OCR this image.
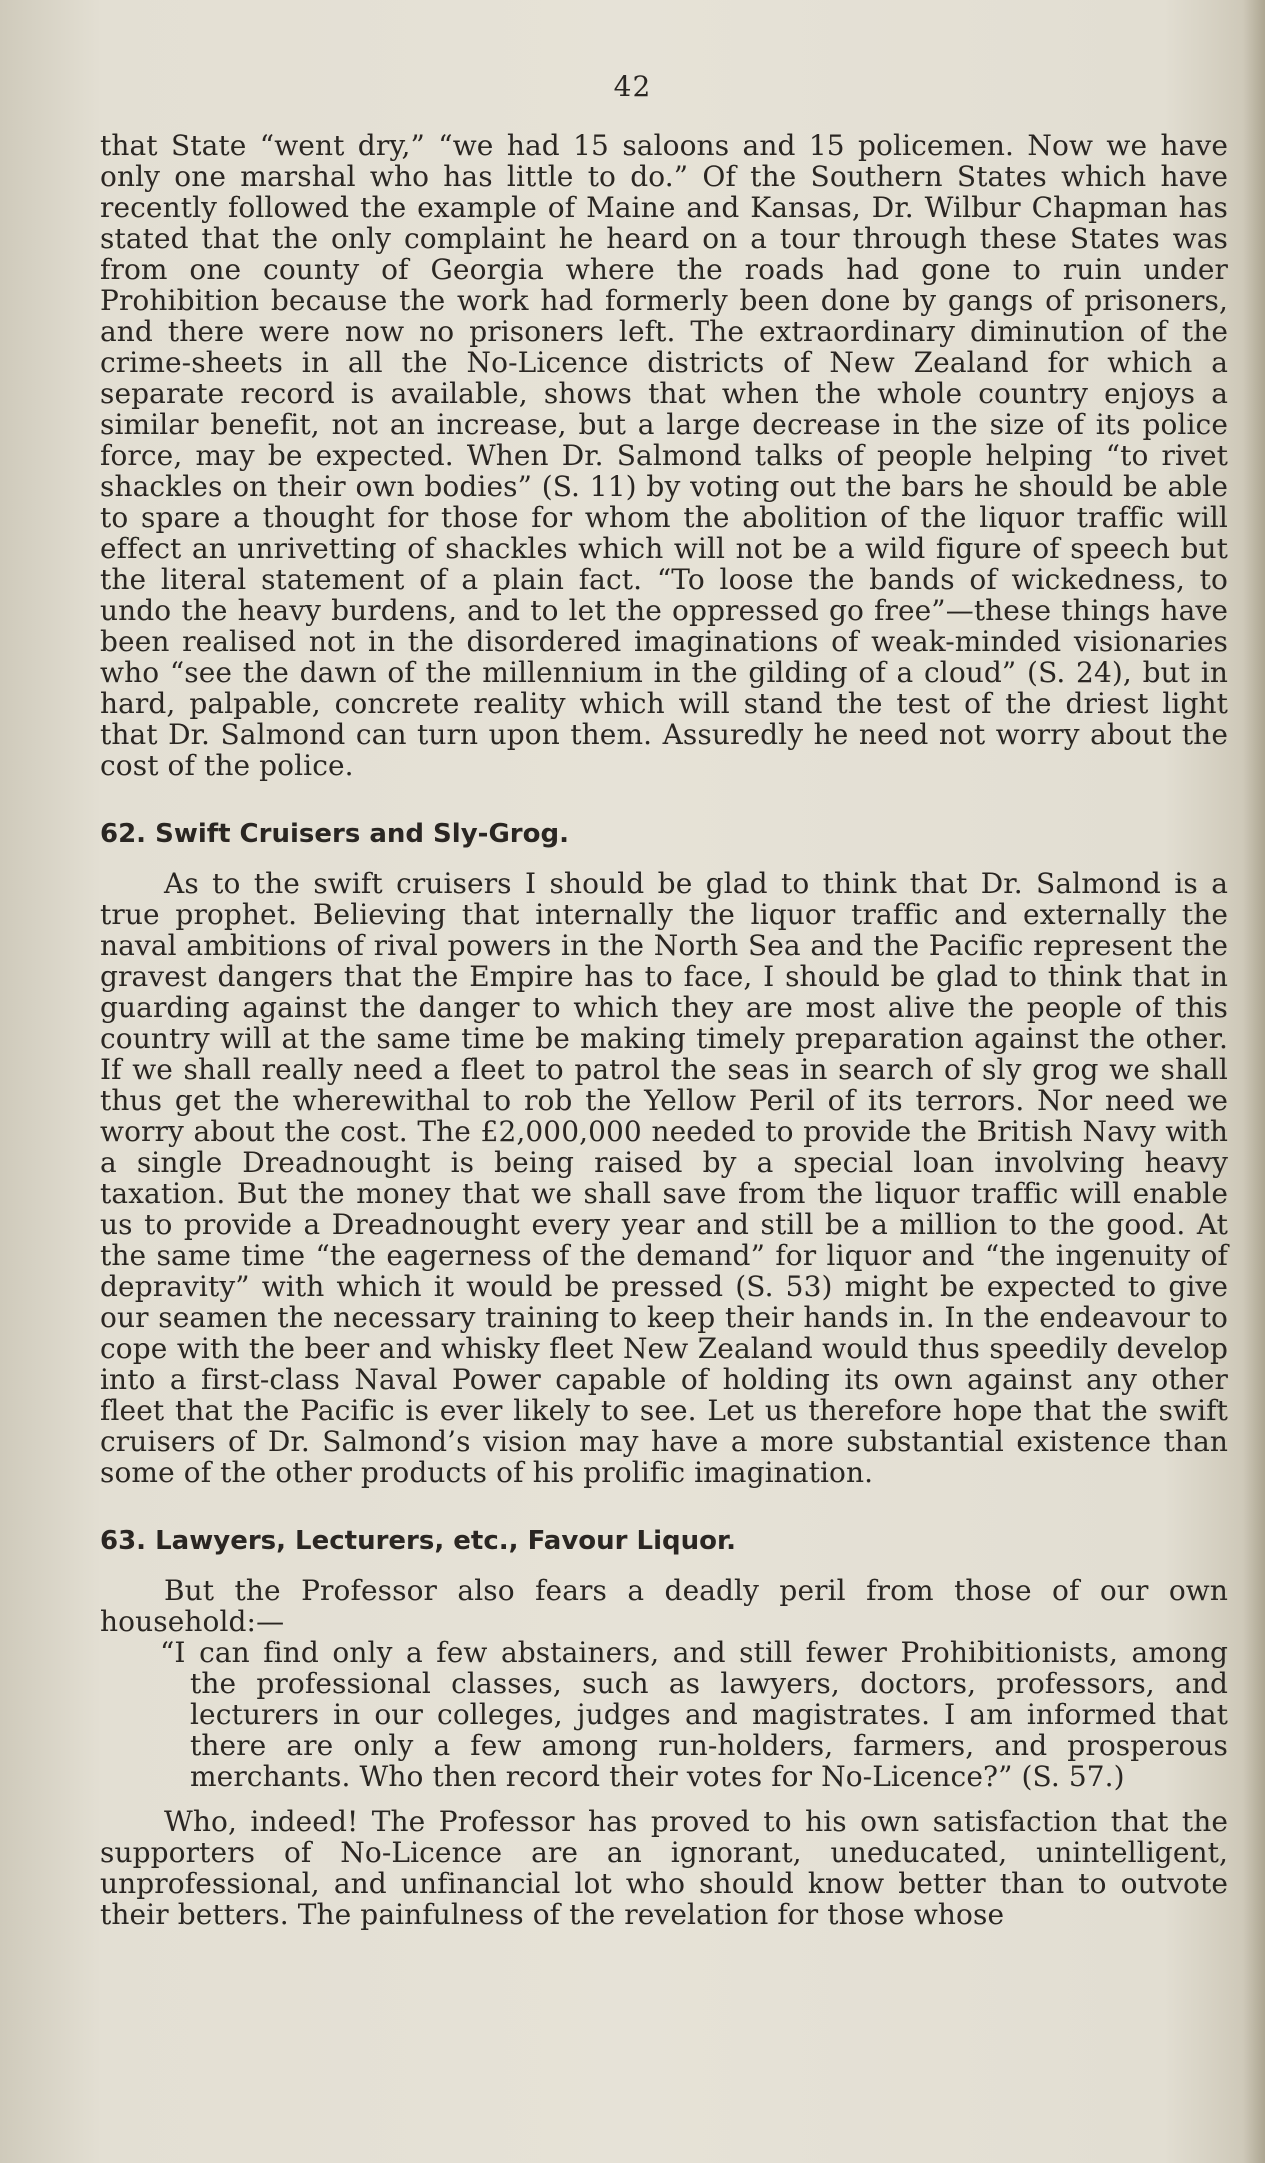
42

that State “went dry,” “we had 15 saloons and 15 policemen. Now we have only one marshal who has little to do.” Of the Southern States which have recently followed the example of Maine and Kansas, Dr. Wilbur Chapman has stated that the only complaint he heard on a tour through these States was from one county of Georgia where the roads had gone to ruin under Prohibition because the work had formerly been done by gangs of prisoners, and there were now no prisoners left. The extraordinary diminution of the crime-sheets in all the No-Licence districts of New Zealand for which a separate record is available, shows that when the whole country enjoys a similar benefit, not an increase, but a large decrease in the size of its police force, may be expected. When Dr. Salmond talks of people helping “to rivet shackles on their own bodies” (S. 11) by voting out the bars he should be able to spare a thought for those for whom the abolition of the liquor traffic will effect an unrivetting of shackles which will not be a wild figure of speech but the literal statement of a plain fact. “To loose the bands of wickedness, to undo the heavy burdens, and to let the oppressed go free”—these things have been realised not in the disordered imaginations of weak-minded visionaries who “see the dawn of the millennium in the gilding of a cloud” (S. 24), but in hard, palpable, concrete reality which will stand the test of the driest light that Dr. Salmond can turn upon them. Assuredly he need not worry about the cost of the police.

62. Swift Cruisers and Sly-Grog.

As to the swift cruisers I should be glad to think that Dr. Salmond is a true prophet. Believing that internally the liquor traffic and externally the naval ambitions of rival powers in the North Sea and the Pacific represent the gravest dangers that the Empire has to face, I should be glad to think that in guarding against the danger to which they are most alive the people of this country will at the same time be making timely preparation against the other. If we shall really need a fleet to patrol the seas in search of sly grog we shall thus get the wherewithal to rob the Yellow Peril of its terrors. Nor need we worry about the cost. The £2,000,000 needed to provide the British Navy with a single Dreadnought is being raised by a special loan involving heavy taxation. But the money that we shall save from the liquor traffic will enable us to provide a Dreadnought every year and still be a million to the good. At the same time “the eagerness of the demand” for liquor and “the ingenuity of depravity” with which it would be pressed (S. 53) might be expected to give our seamen the necessary training to keep their hands in. In the endeavour to cope with the beer and whisky fleet New Zealand would thus speedily develop into a first-class Naval Power capable of holding its own against any other fleet that the Pacific is ever likely to see. Let us therefore hope that the swift cruisers of Dr. Salmond’s vision may have a more substantial existence than some of the other products of his prolific imagination.

63. Lawyers, Lecturers, etc., Favour Liquor.

But the Professor also fears a deadly peril from those of our own household:—

“I can find only a few abstainers, and still fewer Prohibitionists, among the professional classes, such as lawyers, doctors, professors, and lecturers in our colleges, judges and magistrates. I am informed that there are only a few among run-holders, farmers, and prosperous merchants. Who then record their votes for No-Licence?” (S. 57.)

Who, indeed! The Professor has proved to his own satisfaction that the supporters of No-Licence are an ignorant, uneducated, unintelligent, unprofessional, and unfinancial lot who should know better than to outvote their betters. The painfulness of the revelation for those whose
